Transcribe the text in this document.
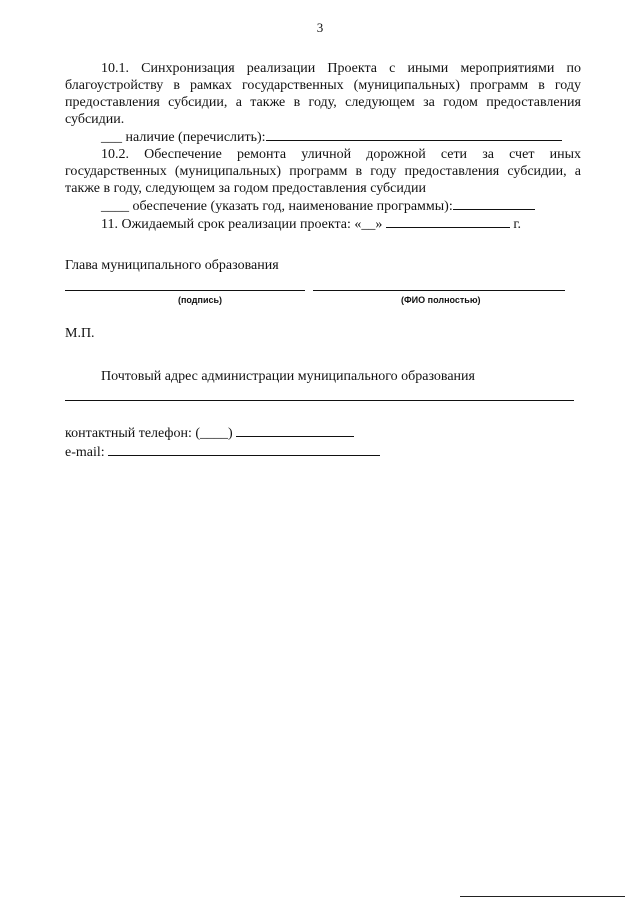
3

10.1. Синхронизация реализации Проекта с иными мероприятиями по благоустройству в рамках государственных (муниципальных) программ в году предоставления субсидии, а также в году, следующем за годом предоставления субсидии.

___ наличие (перечислить):

10.2. Обеспечение ремонта уличной дорожной сети за счет иных государственных (муниципальных) программ в году предоставления субсидии, а также в году, следующем за годом предоставления субсидии

____ обеспечение (указать год, наименование программы):

11. Ожидаемый срок реализации проекта: «__»	г.

Глава муниципального образования

(подпись)	(ФИО полностью)
М.П.
Почтовый адрес администрации муниципального образования

контактный телефон: (____)

e-mail:
